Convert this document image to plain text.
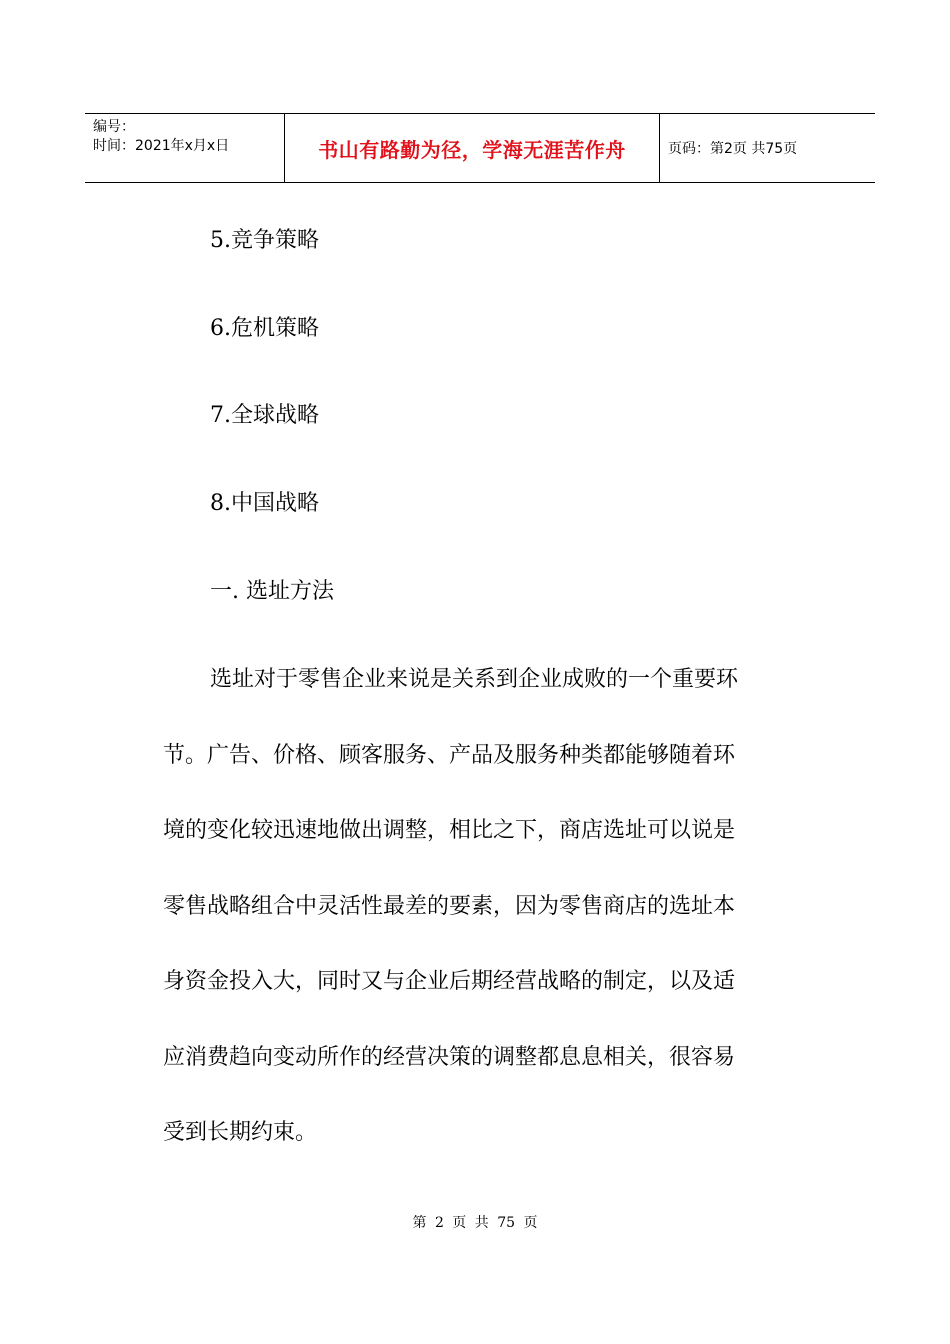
编号：
时间：2021年x月x日	书山有路勤为径，学海无涯苦作舟	页码：第2页 共75页
5.竞争策略
6.危机策略
7.全球战略
8.中国战略
一. 选址方法
选址对于零售企业来说是关系到企业成败的一个重要环
节。广告、价格、顾客服务、产品及服务种类都能够随着环
境的变化较迅速地做出调整，相比之下，商店选址可以说是
零售战略组合中灵活性最差的要素，因为零售商店的选址本
身资金投入大，同时又与企业后期经营战略的制定，以及适
应消费趋向变动所作的经营决策的调整都息息相关，很容易
受到长期约束。
第 2 页 共 75 页
